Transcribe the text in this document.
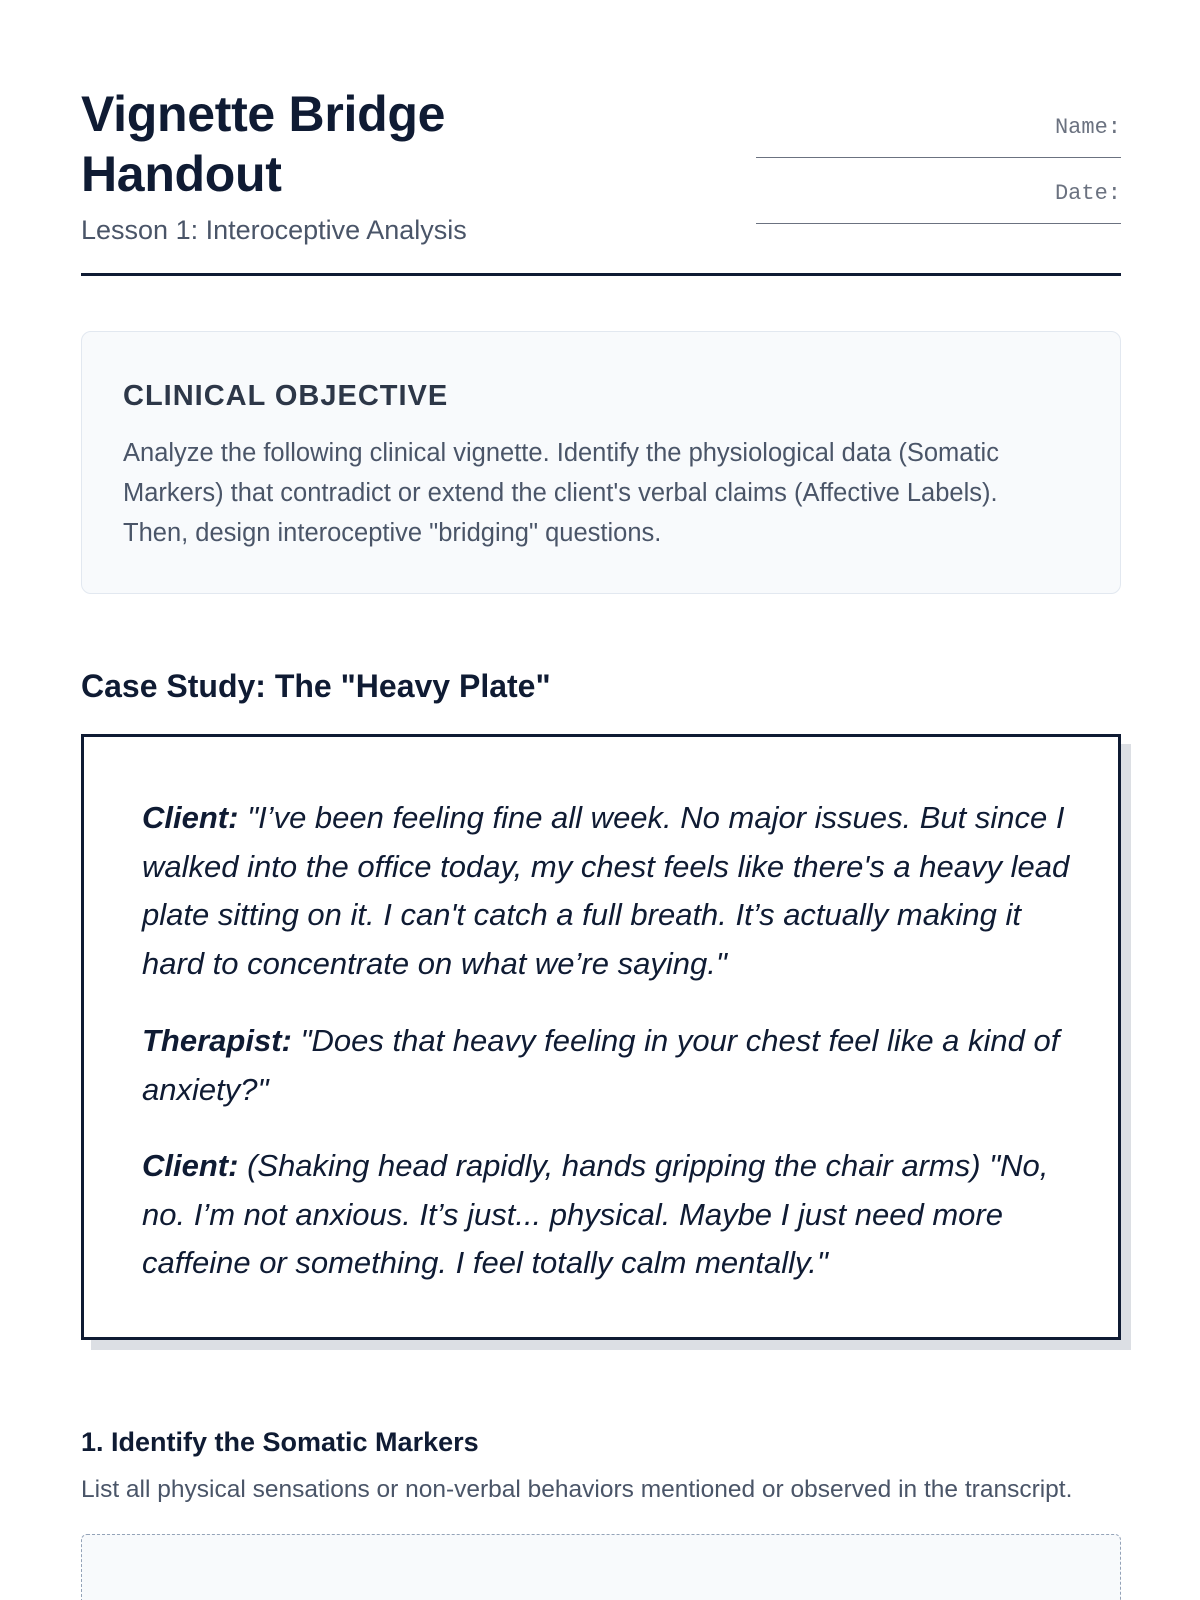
Vignette Bridge Handout
Lesson 1: Interoceptive Analysis
Name:
Date:
CLINICAL OBJECTIVE

Analyze the following clinical vignette. Identify the physiological data (Somatic Markers) that contradict or extend the client's verbal claims (Affective Labels). Then, design interoceptive "bridging" questions.

Case Study: The "Heavy Plate"

Client: "I’ve been feeling fine all week. No major issues. But since I walked into the office today, my chest feels like there's a heavy lead plate sitting on it. I can't catch a full breath. It’s actually making it hard to concentrate on what we’re saying."

Therapist: "Does that heavy feeling in your chest feel like a kind of anxiety?"

Client: (Shaking head rapidly, hands gripping the chair arms) "No, no. I’m not anxious. It’s just... physical. Maybe I just need more caffeine or something. I feel totally calm mentally."

1. Identify the Somatic Markers

List all physical sensations or non-verbal behaviors mentioned or observed in the transcript.
